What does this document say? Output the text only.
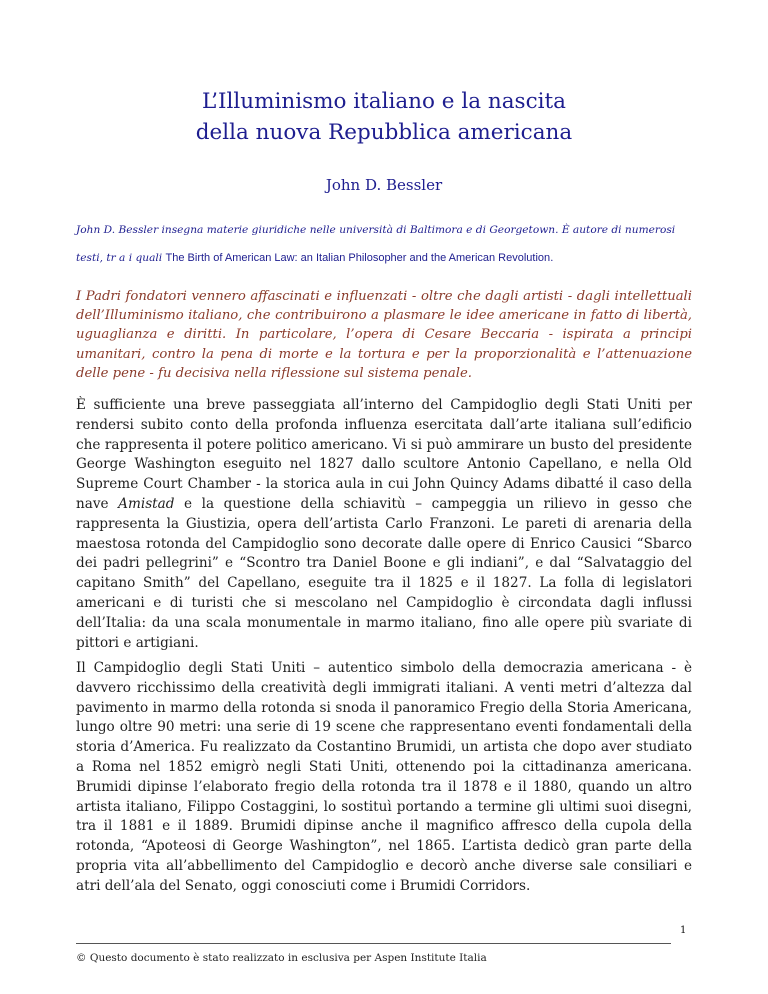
L’Illuminismo italiano e la nascita
della nuova Repubblica americana
John D. Bessler
John D. Bessler insegna materie giuridiche nelle università di Baltimora e di Georgetown. È autore di numerosi testi, tr a i quali The Birth of American Law: an Italian Philosopher and the American Revolution.

I Padri fondatori vennero affascinati e influenzati - oltre che dagli artisti - dagli intellettuali dell’Illuminismo italiano, che contribuirono a plasmare le idee americane in fatto di libertà, uguaglianza e diritti. In particolare, l’opera di Cesare Beccaria - ispirata a principi umanitari, contro la pena di morte e la tortura e per la proporzionalità e l’attenuazione delle pene - fu decisiva nella riflessione sul sistema penale.

È sufficiente una breve passeggiata all’interno del Campidoglio degli Stati Uniti per rendersi subito conto della profonda influenza esercitata dall’arte italiana sull’edificio che rappresenta il potere politico americano. Vi si può ammirare un busto del presidente George Washington eseguito nel 1827 dallo scultore Antonio Capellano, e nella Old Supreme Court Chamber - la storica aula in cui John Quincy Adams dibatté il caso della nave Amistad e la questione della schiavitù – campeggia un rilievo in gesso che rappresenta la Giustizia, opera dell’artista Carlo Franzoni. Le pareti di arenaria della maestosa rotonda del Campidoglio sono decorate dalle opere di Enrico Causici “Sbarco dei padri pellegrini” e “Scontro tra Daniel Boone e gli indiani”, e dal “Salvataggio del capitano Smith” del Capellano, eseguite tra il 1825 e il 1827. La folla di legislatori americani e di turisti che si mescolano nel Campidoglio è circondata dagli influssi dell’Italia: da una scala monumentale in marmo italiano, fino alle opere più svariate di pittori e artigiani.

Il Campidoglio degli Stati Uniti – autentico simbolo della democrazia americana - è davvero ricchissimo della creatività degli immigrati italiani. A venti metri d’altezza dal pavimento in marmo della rotonda si snoda il panoramico Fregio della Storia Americana, lungo oltre 90 metri: una serie di 19 scene che rappresentano eventi fondamentali della storia d’America. Fu realizzato da Costantino Brumidi, un artista che dopo aver studiato a Roma nel 1852 emigrò negli Stati Uniti, ottenendo poi la cittadinanza americana. Brumidi dipinse l’elaborato fregio della rotonda tra il 1878 e il 1880, quando un altro artista italiano, Filippo Costaggini, lo sostituì portando a termine gli ultimi suoi disegni, tra il 1881 e il 1889. Brumidi dipinse anche il magnifico affresco della cupola della rotonda, “Apoteosi di George Washington”, nel 1865. L’artista dedicò gran parte della propria vita all’abbellimento del Campidoglio e decorò anche diverse sale consiliari e atri dell’ala del Senato, oggi conosciuti come i Brumidi Corridors.

1
© Questo documento è stato realizzato in esclusiva per Aspen Institute Italia
